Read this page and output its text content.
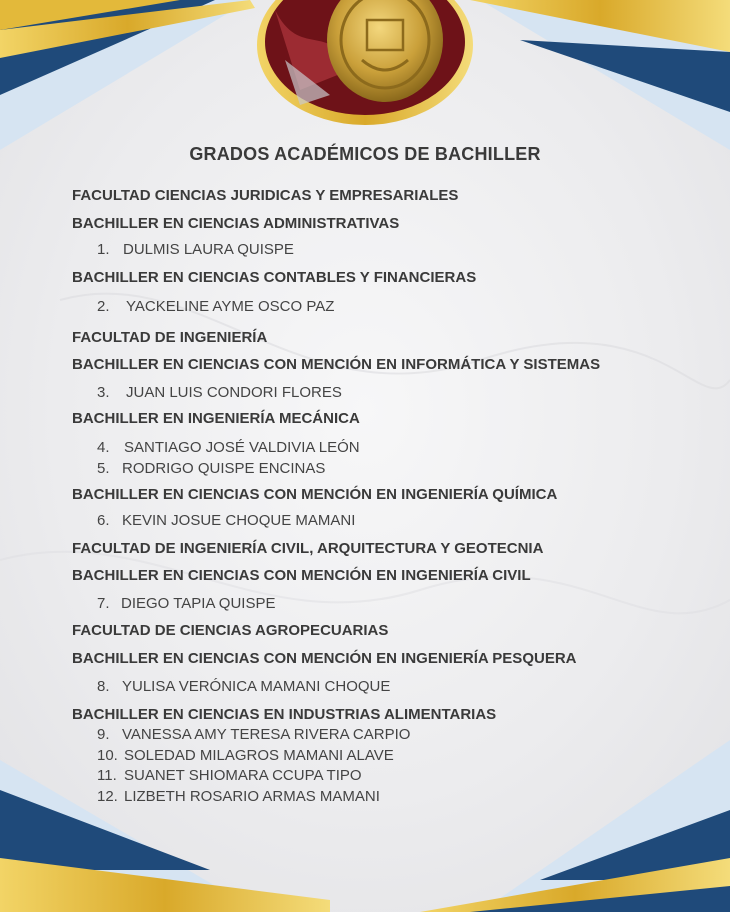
GRADOS ACADÉMICOS DE BACHILLER
FACULTAD CIENCIAS JURIDICAS Y EMPRESARIALES
BACHILLER EN CIENCIAS ADMINISTRATIVAS
1. DULMIS LAURA QUISPE
BACHILLER EN CIENCIAS CONTABLES Y FINANCIERAS
2. YACKELINE AYME OSCO PAZ
FACULTAD DE INGENIERÍA
BACHILLER EN CIENCIAS CON MENCIÓN EN INFORMÁTICA Y SISTEMAS
3. JUAN LUIS CONDORI FLORES
BACHILLER EN INGENIERÍA MECÁNICA
4. SANTIAGO JOSÉ VALDIVIA LEÓN
5. RODRIGO QUISPE ENCINAS
BACHILLER EN CIENCIAS CON MENCIÓN EN INGENIERÍA QUÍMICA
6. KEVIN JOSUE CHOQUE MAMANI
FACULTAD DE INGENIERÍA CIVIL, ARQUITECTURA Y GEOTECNIA
BACHILLER EN CIENCIAS CON MENCIÓN EN INGENIERÍA CIVIL
7. DIEGO TAPIA QUISPE
FACULTAD DE CIENCIAS AGROPECUARIAS
BACHILLER EN CIENCIAS CON MENCIÓN EN INGENIERÍA PESQUERA
8. YULISA VERÓNICA MAMANI CHOQUE
BACHILLER EN CIENCIAS EN INDUSTRIAS ALIMENTARIAS
9. VANESSA AMY TERESA RIVERA CARPIO
10. SOLEDAD MILAGROS MAMANI ALAVE
11. SUANET SHIOMARA CCUPA TIPO
12. LIZBETH ROSARIO ARMAS MAMANI
